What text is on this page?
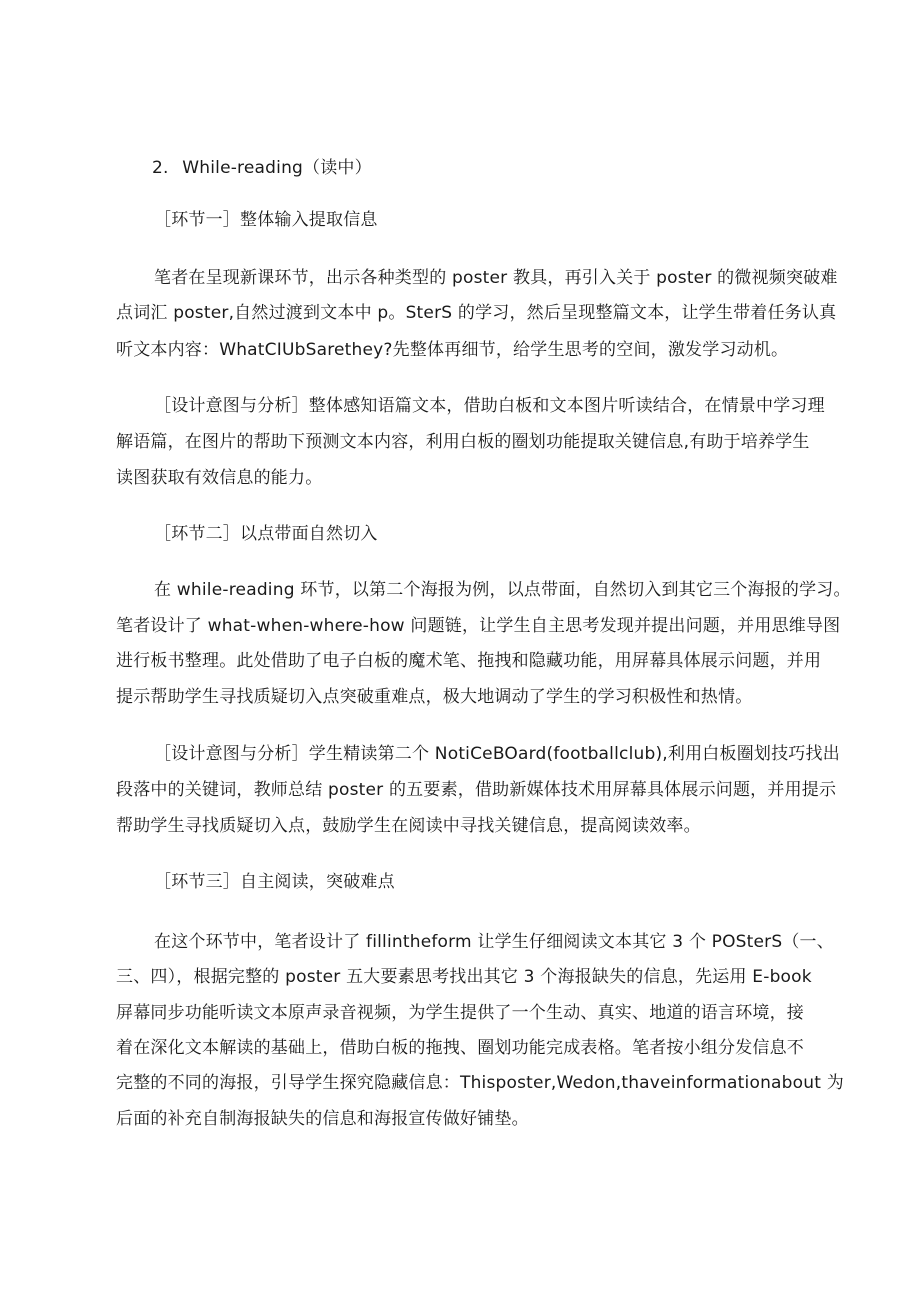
2. While-reading（读中）
［环节一］整体输入提取信息
笔者在呈现新课环节，出示各种类型的 poster 教具，再引入关于 poster 的微视频突破难
点词汇 poster,自然过渡到文本中 p。SterS 的学习，然后呈现整篇文本，让学生带着任务认真
听文本内容：WhatCIUbSarethey?先整体再细节，给学生思考的空间，激发学习动机。
［设计意图与分析］整体感知语篇文本，借助白板和文本图片听读结合，在情景中学习理
解语篇，在图片的帮助下预测文本内容，利用白板的圈划功能提取关键信息,有助于培养学生
读图获取有效信息的能力。
［环节二］以点带面自然切入
在 while-reading 环节，以第二个海报为例，以点带面，自然切入到其它三个海报的学习。
笔者设计了 what-when-where-how 问题链，让学生自主思考发现并提出问题，并用思维导图
进行板书整理。此处借助了电子白板的魔术笔、拖拽和隐藏功能，用屏幕具体展示问题，并用
提示帮助学生寻找质疑切入点突破重难点，极大地调动了学生的学习积极性和热情。
［设计意图与分析］学生精读第二个 NotiCeBOard(footballclub),利用白板圈划技巧找出
段落中的关键词，教师总结 poster 的五要素，借助新媒体技术用屏幕具体展示问题，并用提示
帮助学生寻找质疑切入点，鼓励学生在阅读中寻找关键信息，提高阅读效率。
［环节三］自主阅读，突破难点
在这个环节中，笔者设计了 fillintheform 让学生仔细阅读文本其它 3 个 POSterS（一、
三、四），根据完整的 poster 五大要素思考找出其它 3 个海报缺失的信息，先运用 E-book
屏幕同步功能听读文本原声录音视频，为学生提供了一个生动、真实、地道的语言环境，接
着在深化文本解读的基础上，借助白板的拖拽、圈划功能完成表格。笔者按小组分发信息不
完整的不同的海报，引导学生探究隐藏信息：Thisposter,Wedon,thaveinformationabout 为
后面的补充自制海报缺失的信息和海报宣传做好铺垫。
